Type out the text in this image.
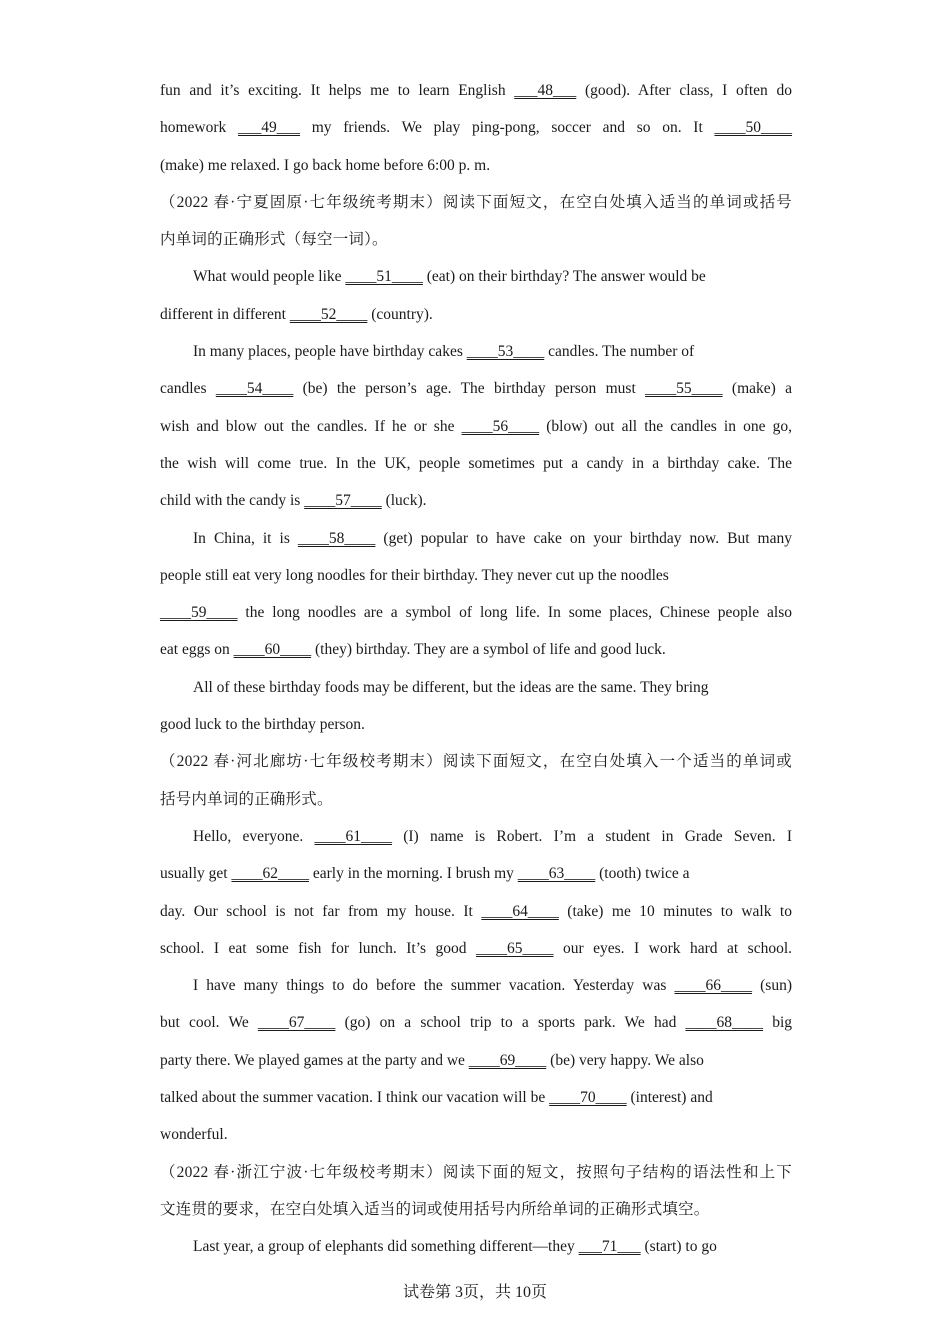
fun and it’s exciting. It helps me to learn English ___48___ (good). After class, I often do
homework ___49___ my friends. We play ping-pong, soccer and so on. It ____50____
(make) me relaxed. I go back home before 6:00 p. m.
（2022 春·宁夏固原·七年级统考期末）阅读下面短文，在空白处填入适当的单词或括号
内单词的正确形式（每空一词）。
What would people like ____51____ (eat) on their birthday? The answer would be
different in different ____52____ (country).
In many places, people have birthday cakes ____53____ candles. The number of
candles ____54____ (be) the person’s age. The birthday person must ____55____ (make) a
wish and blow out the candles. If he or she ____56____ (blow) out all the candles in one go,
the wish will come true. In the UK, people sometimes put a candy in a birthday cake. The
child with the candy is ____57____ (luck).
In China, it is ____58____ (get) popular to have cake on your birthday now. But many
people still eat very long noodles for their birthday. They never cut up the noodles
____59____ the long noodles are a symbol of long life. In some places, Chinese people also
eat eggs on ____60____ (they) birthday. They are a symbol of life and good luck.
All of these birthday foods may be different, but the ideas are the same. They bring
good luck to the birthday person.
（2022 春·河北廊坊·七年级校考期末）阅读下面短文，在空白处填入一个适当的单词或
括号内单词的正确形式。
Hello, everyone. ____61____ (I) name is Robert. I’m a student in Grade Seven. I
usually get ____62____ early in the morning. I brush my ____63____ (tooth) twice a
day. Our school is not far from my house. It ____64____ (take) me 10 minutes to walk to
school. I eat some fish for lunch. It’s good ____65____ our eyes. I work hard at school.
I have many things to do before the summer vacation. Yesterday was ____66____ (sun)
but cool. We ____67____ (go) on a school trip to a sports park. We had ____68____ big
party there. We played games at the party and we ____69____ (be) very happy. We also
talked about the summer vacation. I think our vacation will be ____70____ (interest) and
wonderful.
（2022 春·浙江宁波·七年级校考期末）阅读下面的短文，按照句子结构的语法性和上下
文连贯的要求，在空白处填入适当的词或使用括号内所给单词的正确形式填空。
Last year, a group of elephants did something different—they ___71___ (start) to go
试卷第 3页，共 10页
